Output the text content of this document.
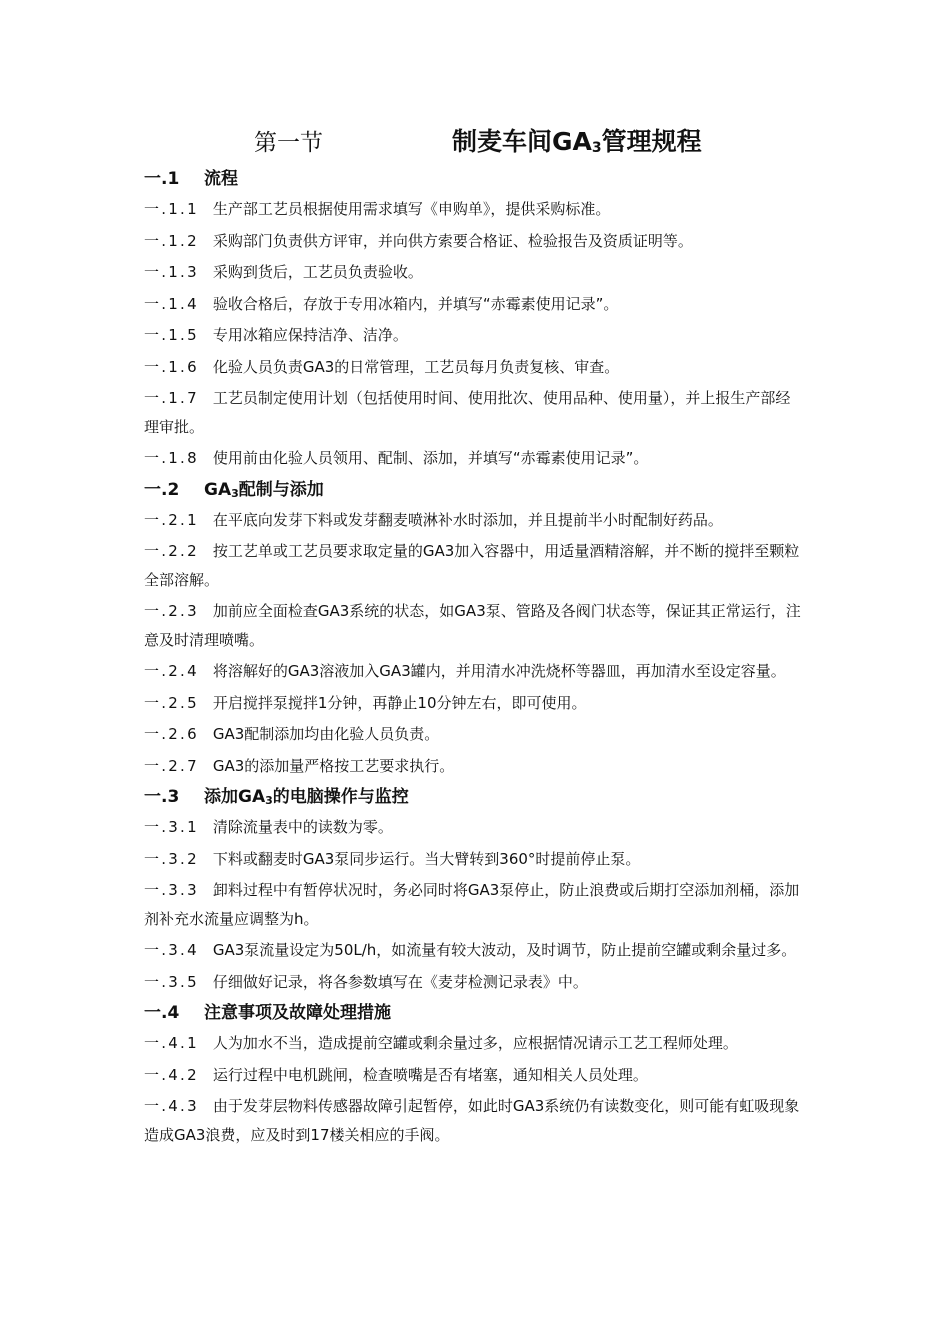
第一节	制麦车间$GA_3$管理规程
一.1 流程
一.1.1 生产部工艺员根据使用需求填写《申购单》，提供采购标准。
一.1.2 采购部门负责供方评审，并向供方索要合格证、检验报告及资质证明等。
一.1.3 采购到货后，工艺员负责验收。
一.1.4 验收合格后，存放于专用冰箱内，并填写“赤霉素使用记录”。
一.1.5 专用冰箱应保持洁净、洁净。
一.1.6 化验人员负责GA3的日常管理，工艺员每月负责复核、审查。
一.1.7 工艺员制定使用计划（包括使用时间、使用批次、使用品种、使用量），并上报生产部经理审批。
一.1.8 使用前由化验人员领用、配制、添加，并填写“赤霉素使用记录”。
一.2 $GA_3$配制与添加
一.2.1 在平底向发芽下料或发芽翻麦喷淋补水时添加，并且提前半小时配制好药品。
一.2.2 按工艺单或工艺员要求取定量的GA3加入容器中，用适量酒精溶解，并不断的搅拌至颗粒全部溶解。
一.2.3 加前应全面检查GA3系统的状态，如GA3泵、管路及各阀门状态等，保证其正常运行，注意及时清理喷嘴。
一.2.4 将溶解好的GA3溶液加入GA3罐内，并用清水冲洗烧杯等器皿，再加清水至设定容量。
一.2.5 开启搅拌泵搅拌1分钟，再静止10分钟左右，即可使用。
一.2.6 GA3配制添加均由化验人员负责。
一.2.7 GA3的添加量严格按工艺要求执行。
一.3 添加$GA_3$的电脑操作与监控
一.3.1 清除流量表中的读数为零。
一.3.2 下料或翻麦时GA3泵同步运行。当大臂转到360°时提前停止泵。
一.3.3 卸料过程中有暂停状况时，务必同时将GA3泵停止，防止浪费或后期打空添加剂桶，添加剂补充水流量应调整为h。
一.3.4 GA3泵流量设定为50L/h，如流量有较大波动，及时调节，防止提前空罐或剩余量过多。
一.3.5 仔细做好记录，将各参数填写在《麦芽检测记录表》中。
一.4 注意事项及故障处理措施
一.4.1 人为加水不当，造成提前空罐或剩余量过多，应根据情况请示工艺工程师处理。
一.4.2 运行过程中电机跳闸，检查喷嘴是否有堵塞，通知相关人员处理。
一.4.3 由于发芽层物料传感器故障引起暂停，如此时GA3系统仍有读数变化，则可能有虹吸现象造成GA3浪费，应及时到17楼关相应的手阀。
